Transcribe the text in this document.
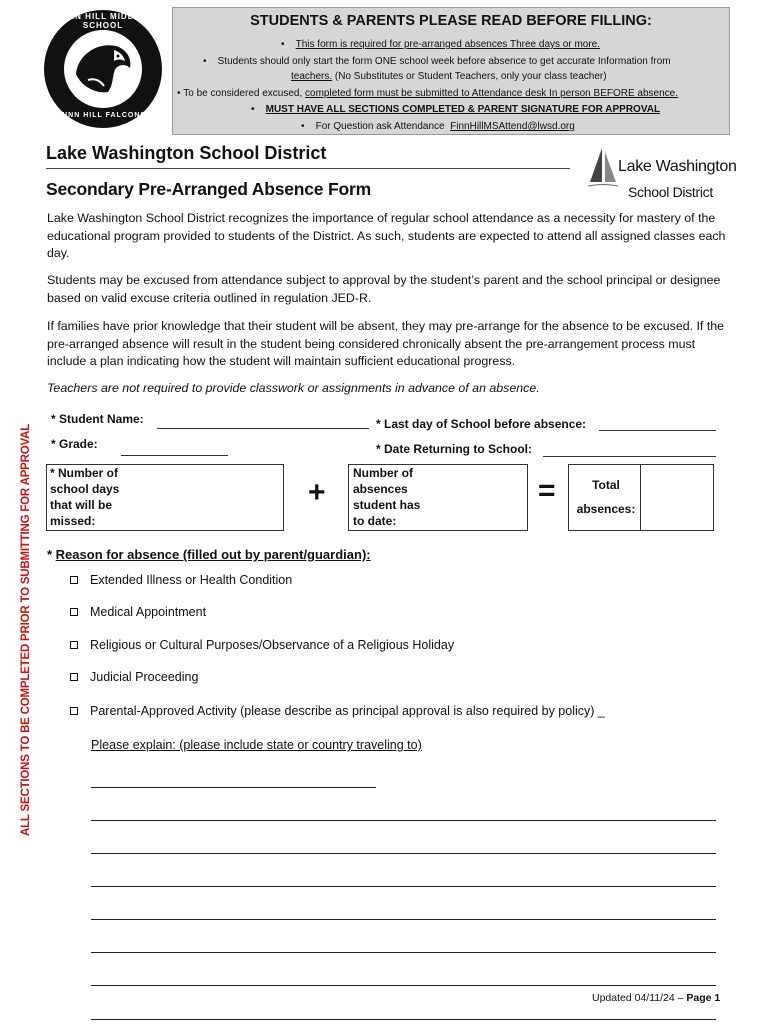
FINN HILL MIDDLE SCHOOL
FINN HILL FALCONS
STUDENTS & PARENTS PLEASE READ BEFORE FILLING:
•    This form is required for pre-arranged absences Three days or more.
•    Students should only start the form ONE school week before absence to get accurate Information from
teachers. (No Substitutes or Student Teachers, only your class teacher)
• To be considered excused, completed form must be submitted to Attendance desk In person BEFORE absence.
•    MUST HAVE ALL SECTIONS COMPLETED & PARENT SIGNATURE FOR APPROVAL
•    For Question ask Attendance  FinnHillMSAttend@lwsd.org
Lake Washington School District
Secondary Pre-Arranged Absence Form
Lake Washington
School District
Lake Washington School District recognizes the importance of regular school attendance as a necessity for mastery of the educational program provided to students of the District. As such, students are expected to attend all assigned classes each day.
Students may be excused from attendance subject to approval by the student’s parent and the school principal or designee based on valid excuse criteria outlined in regulation JED-R.
If families have prior knowledge that their student will be absent, they may pre-arrange for the absence to be excused. If the pre-arranged absence will result in the student being considered chronically absent the pre-arrangement process must include a plan indicating how the student will maintain sufficient educational progress.
Teachers are not required to provide classwork or assignments in advance of an absence.
ALL SECTIONS TO BE COMPLETED PRIOR TO SUBMITTING FOR APPROVAL
* Student Name:	* Last day of School before absence:
* Grade:	* Date Returning to School:
* Number of
school days
that will be
missed:
+
Number of
absences
student has
to date:
=	Total
absences:
* Reason for absence (filled out by parent/guardian):
Extended Illness or Health Condition
Medical Appointment
Religious or Cultural Purposes/Observance of a Religious Holiday
Judicial Proceeding
Parental-Approved Activity (please describe as principal approval is also required by policy) _
Please explain: (please include state or country traveling to)
Updated 04/11/24 – Page 1
